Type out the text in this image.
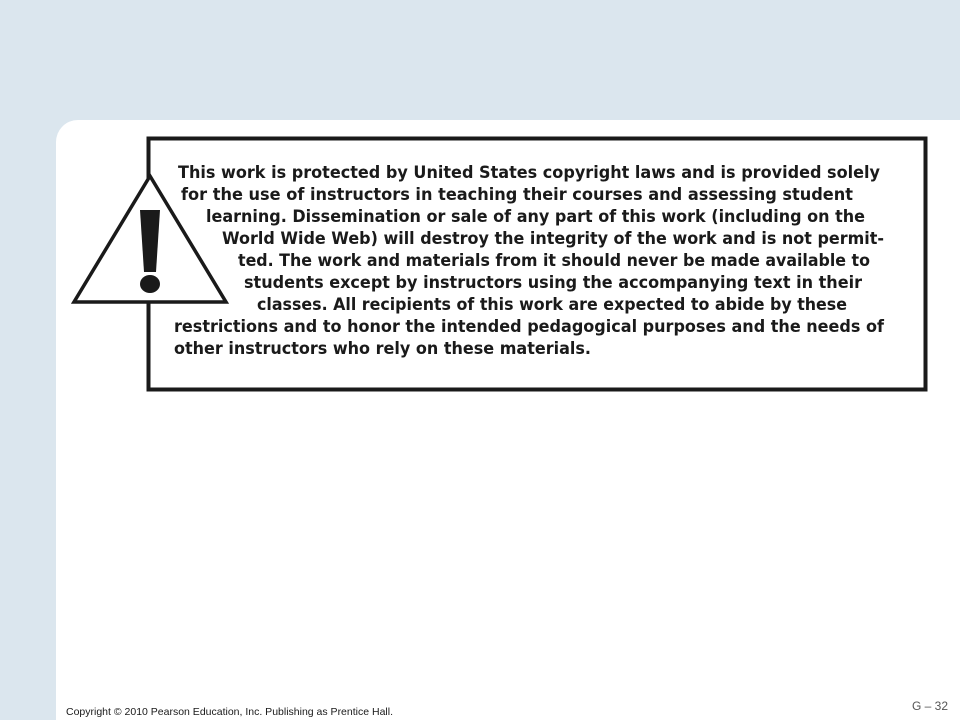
This work is protected by United States copyright laws and is provided solely
for the use of instructors in teaching their courses and assessing student
learning. Dissemination or sale of any part of this work (including on the
World Wide Web) will destroy the integrity of the work and is not permit-
ted. The work and materials from it should never be made available to
students except by instructors using the accompanying text in their
classes. All recipients of this work are expected to abide by these
restrictions and to honor the intended pedagogical purposes and the needs of
other instructors who rely on these materials.
Copyright © 2010 Pearson Education, Inc. Publishing as Prentice Hall.	G – 32
